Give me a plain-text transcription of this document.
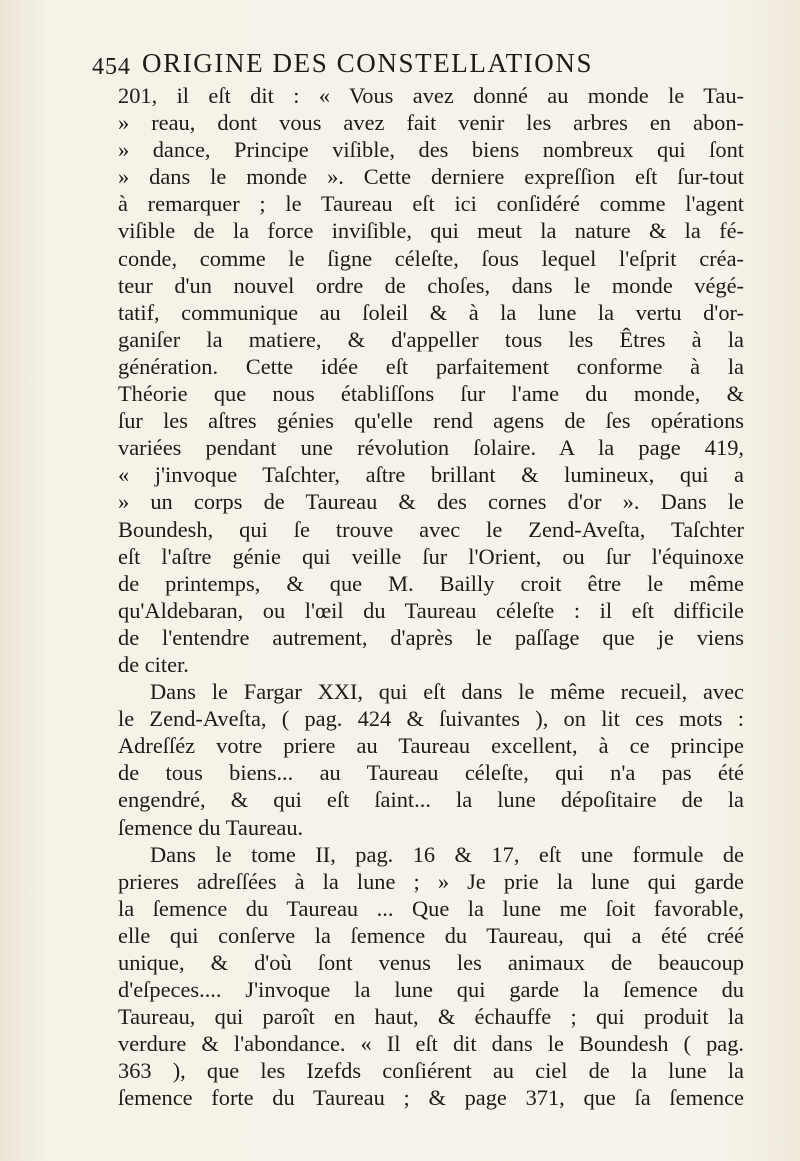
454 ORIGINE DES CONSTELLATIONS

201, il eſt dit : « Vous avez donné au monde le Tau-
» reau, dont vous avez fait venir les arbres en abon-
» dance, Principe viſible, des biens nombreux qui ſont
» dans le monde ». Cette derniere expreſſion eſt ſur-tout
à remarquer ; le Taureau eſt ici conſidéré comme l'agent
viſible de la force inviſible, qui meut la nature & la fé-
conde, comme le ſigne céleſte, ſous lequel l'eſprit créa-
teur d'un nouvel ordre de choſes, dans le monde végé-
tatif, communique au ſoleil & à la lune la vertu d'or-
ganiſer la matiere, & d'appeller tous les Êtres à la
génération. Cette idée eſt parfaitement conforme à la
Théorie que nous établiſſons ſur l'ame du monde, &
ſur les aſtres génies qu'elle rend agens de ſes opérations
variées pendant une révolution ſolaire. A la page 419,
« j'invoque Taſchter, aſtre brillant & lumineux, qui a
» un corps de Taureau & des cornes d'or ». Dans le
Boundesh, qui ſe trouve avec le Zend-Aveſta, Taſchter
eſt l'aſtre génie qui veille ſur l'Orient, ou ſur l'équinoxe
de printemps, & que M. Bailly croit être le même
qu'Aldebaran, ou l'œil du Taureau céleſte : il eſt difficile
de l'entendre autrement, d'après le paſſage que je viens
de citer.

Dans le Fargar XXI, qui eſt dans le même recueil, avec

le Zend-Aveſta, ( pag. 424 & ſuivantes ), on lit ces mots :
Adreſſéz votre priere au Taureau excellent, à ce principe
de tous biens... au Taureau céleſte, qui n'a pas été
engendré, & qui eſt ſaint... la lune dépoſitaire de la
ſemence du Taureau.

Dans le tome II, pag. 16 & 17, eſt une formule de

prieres adreſſées à la lune ; » Je prie la lune qui garde
la ſemence du Taureau ... Que la lune me ſoit favorable,
elle qui conſerve la ſemence du Taureau, qui a été créé
unique, & d'où ſont venus les animaux de beaucoup
d'eſpeces.... J'invoque la lune qui garde la ſemence du
Taureau, qui paroît en haut, & échauffe ; qui produit la
verdure & l'abondance. « Il eſt dit dans le Boundesh ( pag.
363 ), que les Izefds conſiérent au ciel de la lune la
ſemence forte du Taureau ; & page 371, que ſa ſemence
